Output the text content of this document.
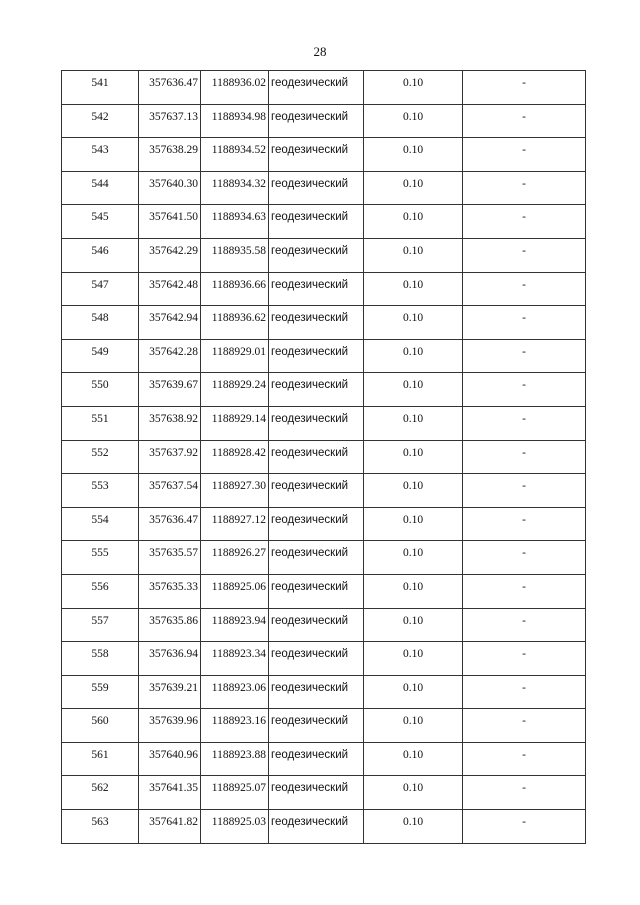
28
541	357636.47	1188936.02	геодезический	0.10	-
542	357637.13	1188934.98	геодезический	0.10	-
543	357638.29	1188934.52	геодезический	0.10	-
544	357640.30	1188934.32	геодезический	0.10	-
545	357641.50	1188934.63	геодезический	0.10	-
546	357642.29	1188935.58	геодезический	0.10	-
547	357642.48	1188936.66	геодезический	0.10	-
548	357642.94	1188936.62	геодезический	0.10	-
549	357642.28	1188929.01	геодезический	0.10	-
550	357639.67	1188929.24	геодезический	0.10	-
551	357638.92	1188929.14	геодезический	0.10	-
552	357637.92	1188928.42	геодезический	0.10	-
553	357637.54	1188927.30	геодезический	0.10	-
554	357636.47	1188927.12	геодезический	0.10	-
555	357635.57	1188926.27	геодезический	0.10	-
556	357635.33	1188925.06	геодезический	0.10	-
557	357635.86	1188923.94	геодезический	0.10	-
558	357636.94	1188923.34	геодезический	0.10	-
559	357639.21	1188923.06	геодезический	0.10	-
560	357639.96	1188923.16	геодезический	0.10	-
561	357640.96	1188923.88	геодезический	0.10	-
562	357641.35	1188925.07	геодезический	0.10	-
563	357641.82	1188925.03	геодезический	0.10	-
